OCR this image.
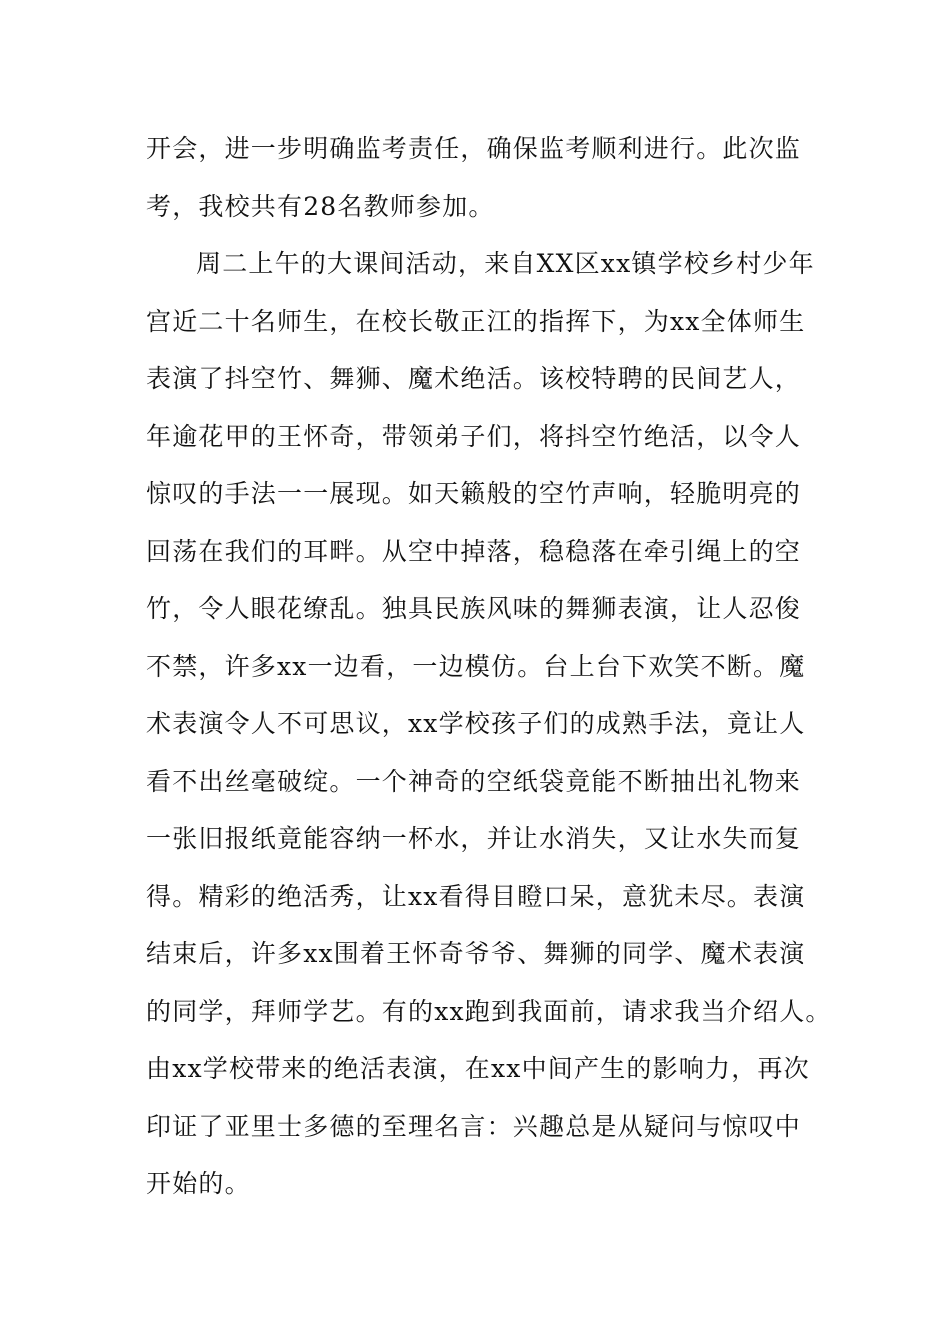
开会，进一步明确监考责任，确保监考顺利进行。此次监
考，我校共有28名教师参加。
周二上午的大课间活动，来自XX区xx镇学校乡村少年
宫近二十名师生，在校长敬正江的指挥下，为xx全体师生
表演了抖空竹、舞狮、魔术绝活。该校特聘的民间艺人，
年逾花甲的王怀奇，带领弟子们，将抖空竹绝活，以令人
惊叹的手法一一展现。如天籁般的空竹声响，轻脆明亮的
回荡在我们的耳畔。从空中掉落，稳稳落在牵引绳上的空
竹，令人眼花缭乱。独具民族风味的舞狮表演，让人忍俊
不禁，许多xx一边看，一边模仿。台上台下欢笑不断。魔
术表演令人不可思议，xx学校孩子们的成熟手法，竟让人
看不出丝毫破绽。一个神奇的空纸袋竟能不断抽出礼物来
一张旧报纸竟能容纳一杯水，并让水消失，又让水失而复
得。精彩的绝活秀，让xx看得目瞪口呆，意犹未尽。表演
结束后，许多xx围着王怀奇爷爷、舞狮的同学、魔术表演
的同学，拜师学艺。有的xx跑到我面前，请求我当介绍人。
由xx学校带来的绝活表演，在xx中间产生的影响力，再次
印证了亚里士多德的至理名言：兴趣总是从疑问与惊叹中
开始的。
